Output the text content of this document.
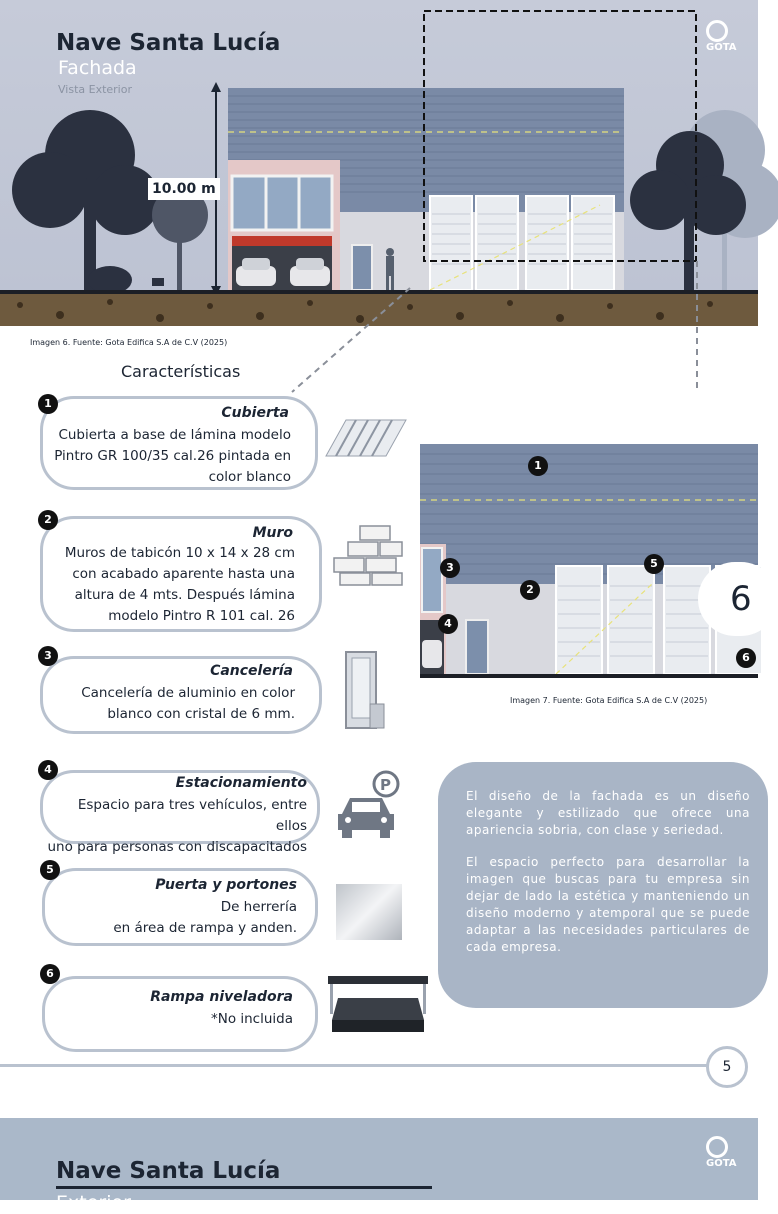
Nave Santa Lucía
Fachada
Vista Exterior
10.00 m
GOTA
Imagen 6. Fuente: Gota Edifica S.A de C.V (2025)
Características
Cubierta
Cubierta a base de lámina modelo
Pintro GR 100/35 cal.26 pintada en
color blanco
1
Muro
Muros de tabicón 10 x 14 x 28 cm
con acabado aparente hasta una
altura de 4 mts. Después lámina
modelo Pintro R 101 cal. 26
2
Cancelería
Cancelería de aluminio en color
blanco con cristal de 6 mm.
3
Estacionamiento
Espacio para tres vehículos, entre ellos
uno para personas con discapacitados
4
P
Puerta y portones
De herrería
en área de rampa y anden.
5
Rampa niveladora
*No incluida
6
1
2
3
4
5
6
6
Imagen 7. Fuente: Gota Edifica S.A de C.V (2025)

El diseño de la fachada es un diseño elegante y estilizado que ofrece una apariencia sobria, con clase y seriedad.

El espacio perfecto para desarrollar la imagen que buscas para tu empresa sin dejar de lado la estética y manteniendo un diseño moderno y atemporal que se puede adaptar a las necesidades particulares de cada empresa.

5
GOTA
Nave Santa Lucía
Exterior
